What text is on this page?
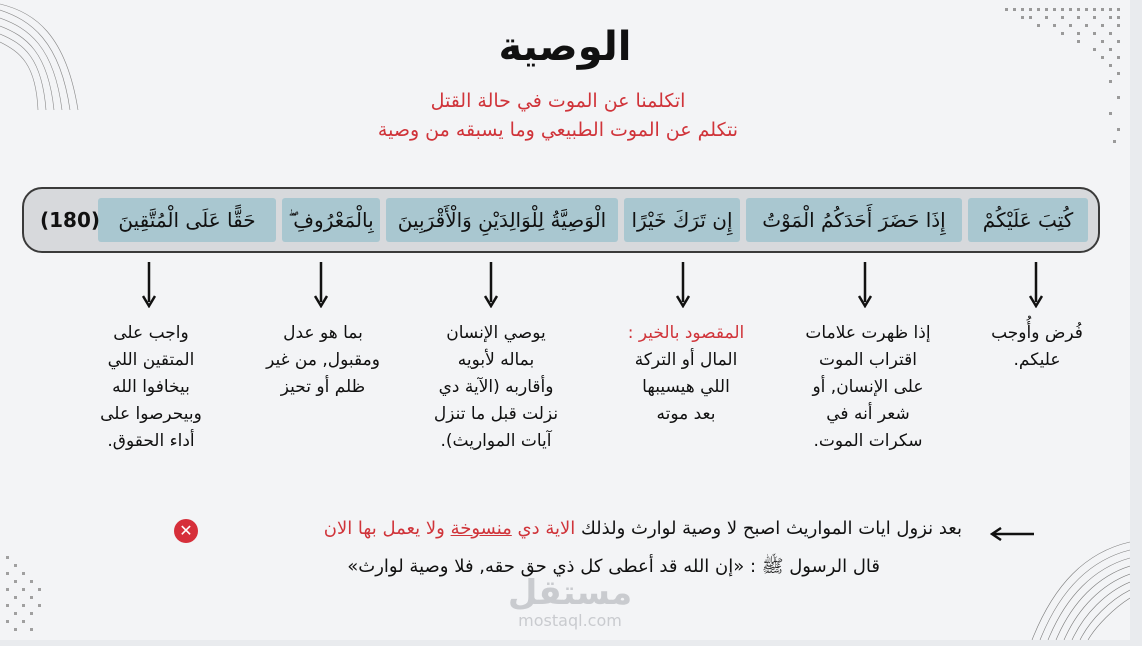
الوصية
اتكلمنا عن الموت في حالة القتل
نتكلم عن الموت الطبيعي وما يسبقه من وصية
كُتِبَ عَلَيْكُمْ
إِذَا حَضَرَ أَحَدَكُمُ الْمَوْتُ
إِن تَرَكَ خَيْرًا
الْوَصِيَّةُ لِلْوَالِدَيْنِ وَالْأَقْرَبِينَ
بِالْمَعْرُوفِ ۖ
حَقًّا عَلَى الْمُتَّقِينَ
(180)
فُرض وأُوجب
عليكم.
إذا ظهرت علامات
اقتراب الموت
على الإنسان, أو
شعر أنه في
سكرات الموت.
المقصود بالخير :
المال أو التركة
اللي هيسيبها
بعد موته
يوصي الإنسان
بماله لأبويه
وأقاربه (الآية دي
نزلت قبل ما تنزل
آيات المواريث).
بما هو عدل
ومقبول, من غير
ظلم أو تحيز
واجب على
المتقين اللي
بيخافوا الله
وبيحرصوا على
أداء الحقوق.
بعد نزول ايات المواريث اصبح لا وصية لوارث ولذلك الاية دي منسوخة ولا يعمل بها الان
✕
قال الرسول ﷺ : «إن الله قد أعطى كل ذي حق حقه, فلا وصية لوارث»
مستقل
mostaql.com
